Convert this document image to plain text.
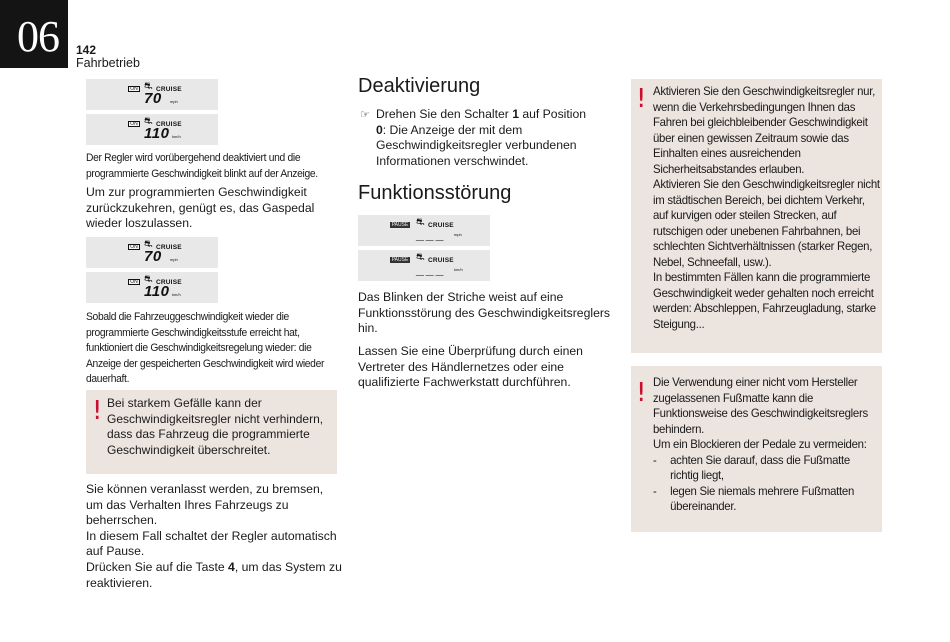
06 142
Fahrbetrieb
ON ⛐ CRUISE
70 mph
ON ⛐ CRUISE
110 km/h
Der Regler wird vorübergehend deaktiviert und die programmierte Geschwindigkeit blinkt auf der Anzeige.
Um zur programmierten Geschwindigkeit zurückzukehren, genügt es, das Gaspedal wieder loszulassen.
ON ⛐ CRUISE
70 mph
ON ⛐ CRUISE
110 km/h
Sobald die Fahrzeuggeschwindigkeit wieder die programmierte Geschwindigkeitsstufe erreicht hat, funktioniert die Geschwindigkeitsregelung wieder: die Anzeige der gespeicherten Geschwindigkeit wird wieder dauerhaft.
! Bei starkem Gefälle kann der Geschwindigkeitsregler nicht verhindern, dass das Fahrzeug die programmierte Geschwindigkeit überschreitet.
Sie können veranlasst werden, zu bremsen, um das Verhalten Ihres Fahrzeugs zu beherrschen.
In diesem Fall schaltet der Regler automatisch auf Pause.
Drücken Sie auf die Taste 4, um das System zu reaktivieren.
Deaktivierung
☞ Drehen Sie den Schalter 1 auf Position 0: Die Anzeige der mit dem Geschwindigkeitsregler verbundenen Informationen verschwindet.
Funktionsstörung
PAUSE ⛐ CRUISE
___ mph
PAUSE ⛐ CRUISE
___ km/h
Das Blinken der Striche weist auf eine Funktionsstörung des Geschwindigkeitsreglers hin.
Lassen Sie eine Überprüfung durch einen Vertreter des Händlernetzes oder eine qualifizierte Fachwerkstatt durchführen.
! Aktivieren Sie den Geschwindigkeitsregler nur, wenn die Verkehrsbedingungen Ihnen das Fahren bei gleichbleibender Geschwindigkeit über einen gewissen Zeitraum sowie das Einhalten eines ausreichenden Sicherheitsabstandes erlauben.
Aktivieren Sie den Geschwindigkeitsregler nicht im städtischen Bereich, bei dichtem Verkehr, auf kurvigen oder steilen Strecken, auf rutschigen oder unebenen Fahrbahnen, bei schlechten Sichtverhältnissen (starker Regen, Nebel, Schneefall, usw.).
In bestimmten Fällen kann die programmierte Geschwindigkeit weder gehalten noch erreicht werden: Abschleppen, Fahrzeugladung, starke Steigung...
! Die Verwendung einer nicht vom Hersteller zugelassenen Fußmatte kann die Funktionsweise des Geschwindigkeitsreglers behindern.
Um ein Blockieren der Pedale zu vermeiden:
- achten Sie darauf, dass die Fußmatte richtig liegt,
- legen Sie niemals mehrere Fußmatten übereinander.
